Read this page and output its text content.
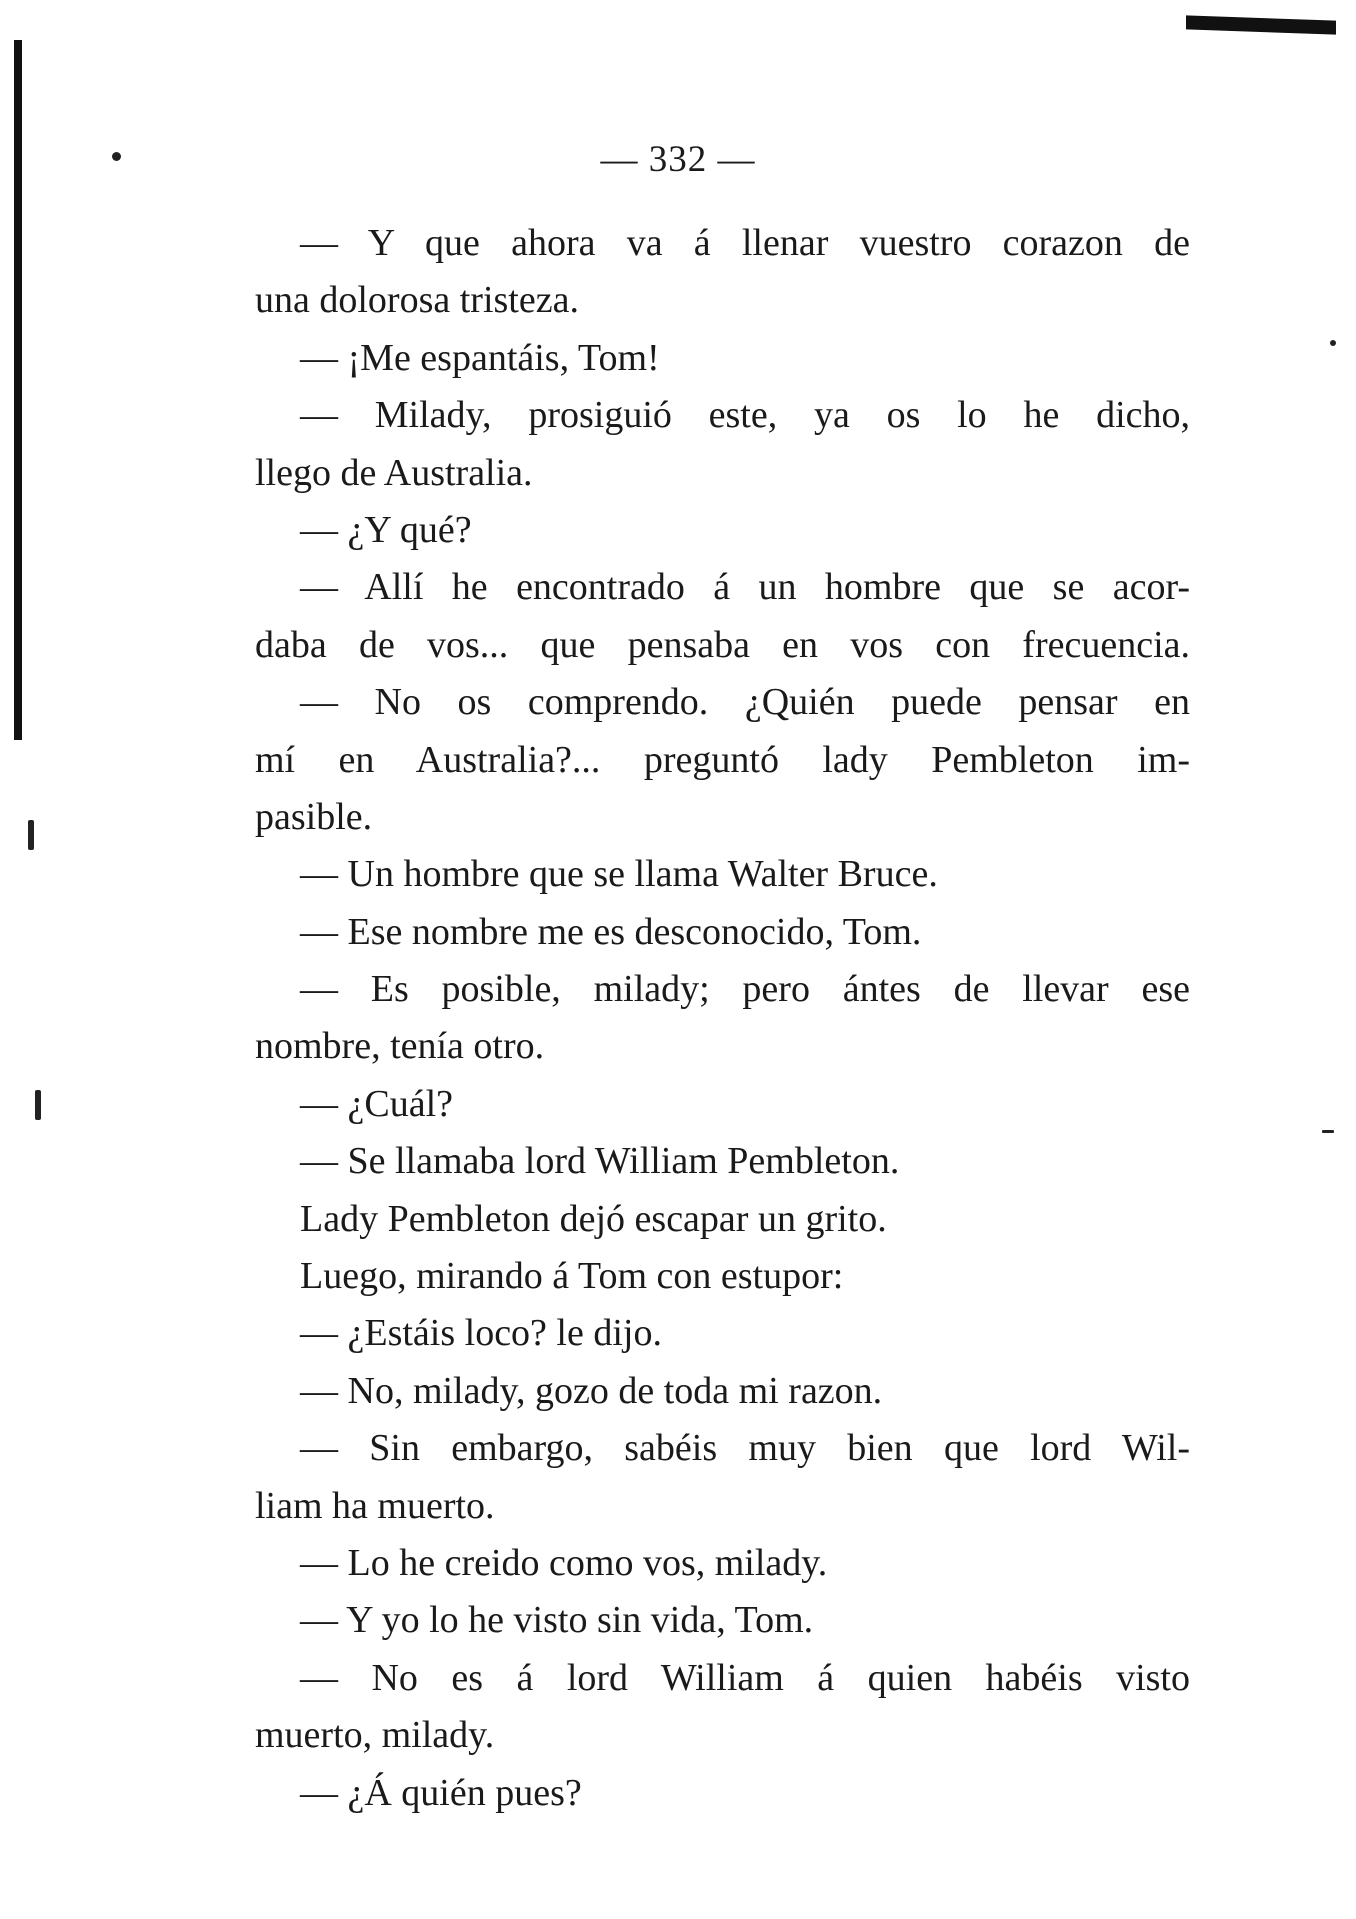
— 332 —
— Y que ahora va á llenar vuestro corazon de
una dolorosa tristeza.
— ¡Me espantáis, Tom!
— Milady, prosiguió este, ya os lo he dicho,
llego de Australia.
— ¿Y qué?
— Allí he encontrado á un hombre que se acor-
daba de vos... que pensaba en vos con frecuencia.
— No os comprendo. ¿Quién puede pensar en
mí en Australia?... preguntó lady Pembleton im-
pasible.
— Un hombre que se llama Walter Bruce.
— Ese nombre me es desconocido, Tom.
— Es posible, milady; pero ántes de llevar ese
nombre, tenía otro.
— ¿Cuál?
— Se llamaba lord William Pembleton.
Lady Pembleton dejó escapar un grito.
Luego, mirando á Tom con estupor:
— ¿Estáis loco? le dijo.
— No, milady, gozo de toda mi razon.
— Sin embargo, sabéis muy bien que lord Wil-
liam ha muerto.
— Lo he creido como vos, milady.
— Y yo lo he visto sin vida, Tom.
— No es á lord William á quien habéis visto
muerto, milady.
— ¿Á quién pues?
